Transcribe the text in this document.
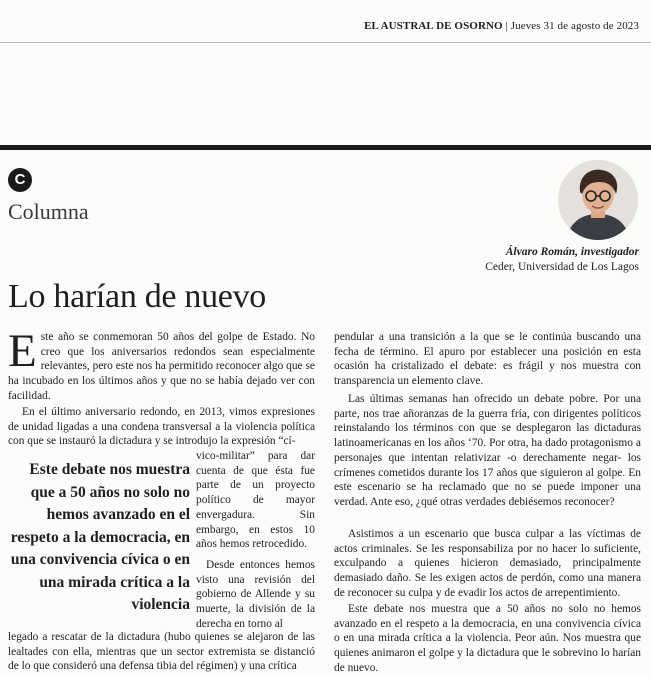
EL AUSTRAL DE OSORNO | Jueves 31 de agosto de 2023
C
Columna
Álvaro Román, investigador
Ceder, Universidad de Los Lagos
Lo harían de nuevo

Este año se conmemoran 50 años del golpe de Estado. No creo que los aniversarios redondos sean especialmente relevantes, pero este nos ha permitido reconocer algo que se ha incubado en los últimos años y que no se había dejado ver con facilidad.

En el último aniversario redondo, en 2013, vimos expresiones de unidad ligadas a una condena transversal a la violencia política con que se instauró la dictadura y se introdujo la expresión “cí-

vico-militar” para dar cuenta de que ésta fue parte de un proyecto político de mayor envergadura. Sin embargo, en estos 10 años hemos retrocedido.

Desde entonces hemos visto una revisión del gobierno de Allende y su muerte, la división de la derecha en torno al

legado a rescatar de la dictadura (hubo quienes se alejaron de las lealtades con ella, mientras que un sector extremista se distanció de lo que consideró una defensa tibia del régimen) y una crítica

Este debate nos muestra que a 50 años no solo no hemos avanzado en el respeto a la democracia, en una convivencia cívica o en una mirada crítica a la violencia

pendular a una transición a la que se le continúa buscando una fecha de término. El apuro por establecer una posición en esta ocasión ha cristalizado el debate: es frágil y nos muestra con transparencia un elemento clave.

Las últimas semanas han ofrecido un debate pobre. Por una parte, nos trae añoranzas de la guerra fría, con dirigentes políticos reinstalando los términos con que se desplegaron las dictaduras latinoamericanas en los años ‘70. Por otra, ha dado protagonismo a personajes que intentan relativizar -o derechamente negar- los crímenes cometidos durante los 17 años que siguieron al golpe. En este escenario se ha reclamado que no se puede imponer una verdad. Ante eso, ¿qué otras verdades debiésemos reconocer?

Asistimos a un escenario que busca culpar a las víctimas de actos criminales. Se les responsabiliza por no hacer lo suficiente, exculpando a quienes hicieron demasiado, principalmente demasiado daño. Se les exigen actos de perdón, como una manera de reconocer su culpa y de evadir los actos de arrepentimiento.

Este debate nos muestra que a 50 años no solo no hemos avanzado en el respeto a la democracia, en una convivencia cívica o en una mirada crítica a la violencia. Peor aún. Nos muestra que quienes animaron el golpe y la dictadura que le sobrevino lo harían de nuevo.
